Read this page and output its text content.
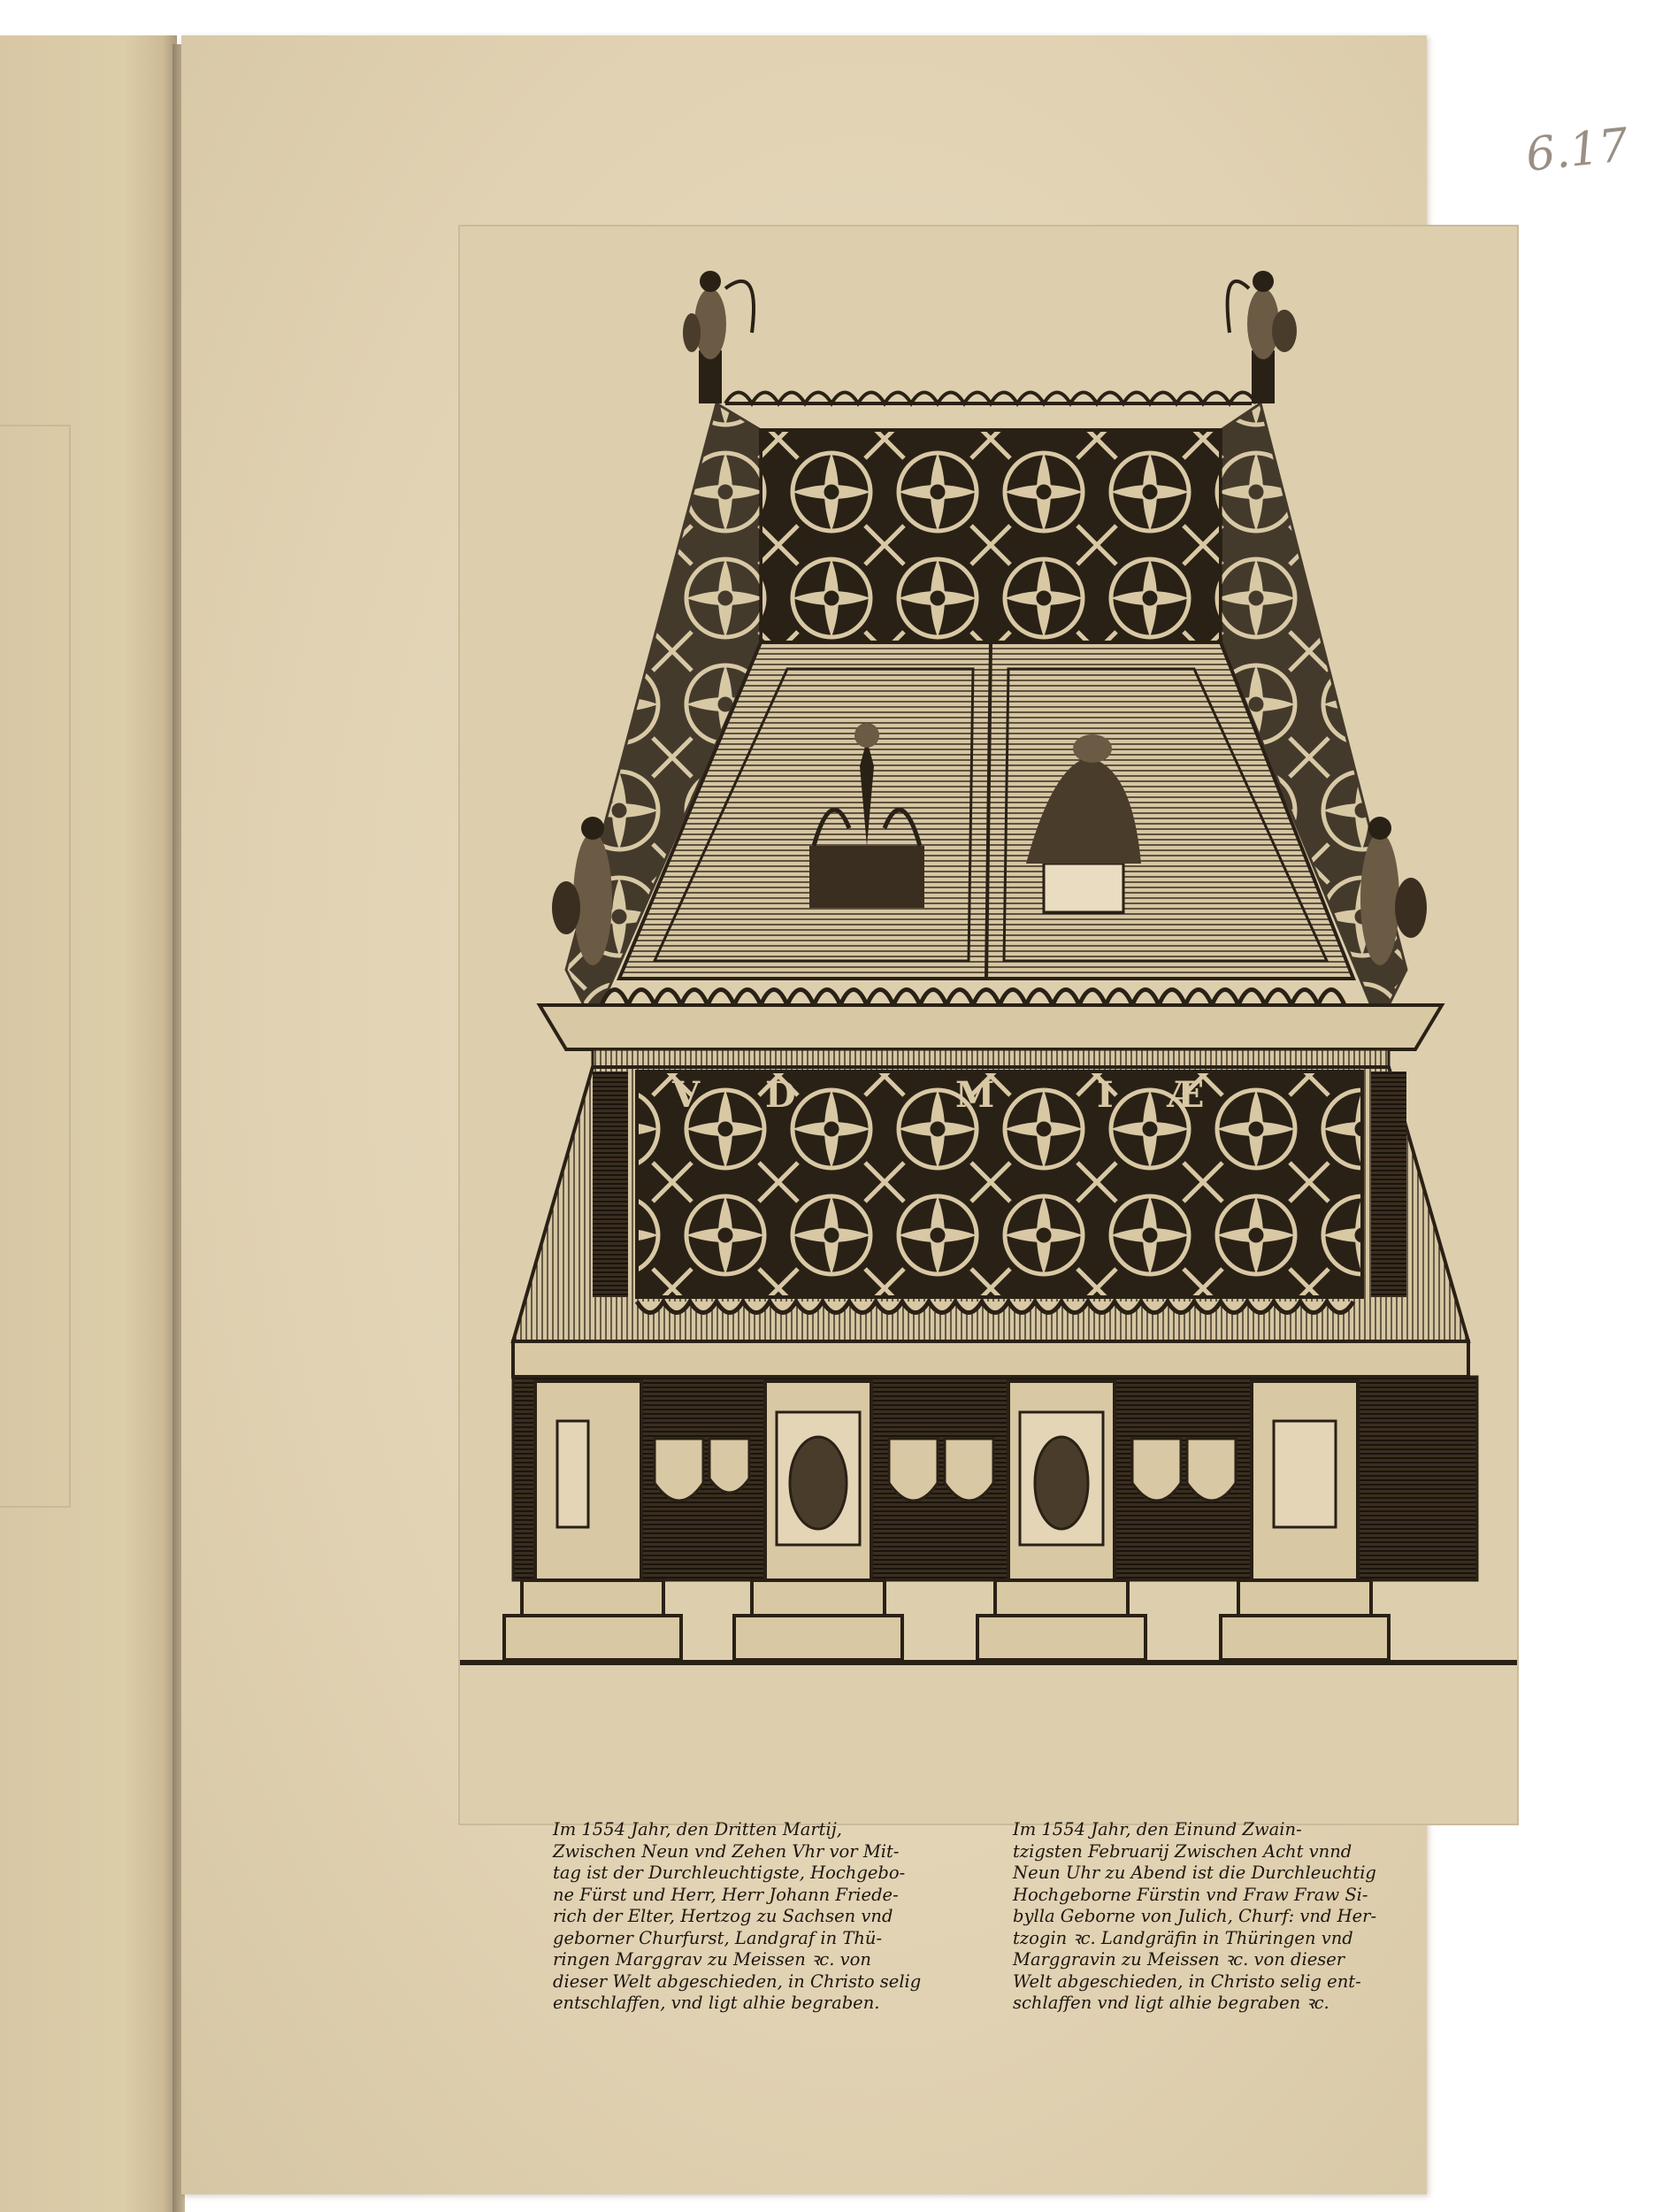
6.17
V D	M	I Æ
Im 1554 Jahr, den Dritten Martij,
Zwischen Neun vnd Zehen Vhr vor Mit-
tag ist der Durchleuchtigste, Hochgebo-
ne Fürst und Herr, Herr Johann Friede-
rich der Elter, Hertzog zu Sachsen vnd
geborner Churfurst, Landgraf in Thü-
ringen Marggrav zu Meissen ꝛc. von
dieser Welt abgeschieden, in Christo selig
entschlaffen, vnd ligt alhie begraben.
Im 1554 Jahr, den Einund Zwain-
tzigsten Februarij Zwischen Acht vnnd
Neun Uhr zu Abend ist die Durchleuchtig
Hochgeborne Fürstin vnd Fraw Fraw Si-
bylla Geborne von Julich, Churf: vnd Her-
tzogin ꝛc. Landgräfin in Thüringen vnd
Marggravin zu Meissen ꝛc. von dieser
Welt abgeschieden, in Christo selig ent-
schlaffen vnd ligt alhie begraben ꝛc.
